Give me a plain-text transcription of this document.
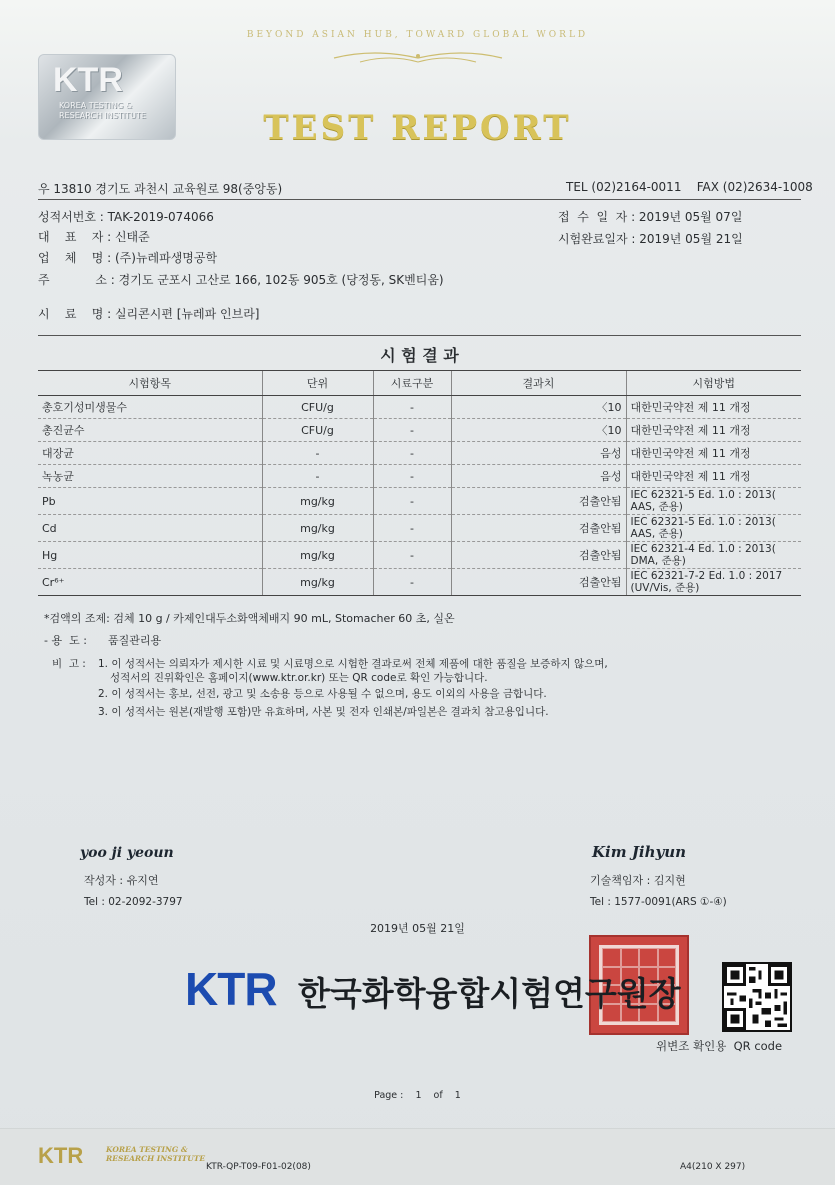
BEYOND ASIAN HUB, TOWARD GLOBAL WORLD
TEST REPORT
KTR
KOREA TESTING & RESEARCH INSTITUTE
우 13810 경기도 과천시 교육원로 98(중앙동)	TEL (02)2164-0011    FAX (02)2634-1008
성적서번호 : TAK-2019-074066
대    표    자 : 신태준
업    체    명 : (주)뉴레파생명공학
주            소 : 경기도 군포시 고산로 166, 102동 905호 (당정동, SK벤티움)
접  수  일  자 : 2019년 05월 07일
시험완료일자 : 2019년 05월 21일
시    료    명 : 실리콘시편 [뉴레파 인브라]
시 험 결 과
시험항목	단위	시료구분	결과치	시험방법
총호기성미생물수	CFU/g	-	〈10	대한민국약전 제 11 개정
총진균수	CFU/g	-	〈10	대한민국약전 제 11 개정
대장균	-	-	음성	대한민국약전 제 11 개정
녹농균	-	-	음성	대한민국약전 제 11 개정
Pb	mg/kg	-	검출안됨	IEC 62321-5 Ed. 1.0 : 2013(
AAS, 준용)

Cd	mg/kg	-	검출안됨	IEC 62321-5 Ed. 1.0 : 2013(
AAS, 준용)

Hg	mg/kg	-	검출안됨	IEC 62321-4 Ed. 1.0 : 2013(
DMA, 준용)

Cr⁶⁺	mg/kg	-	검출안됨	IEC 62321-7-2 Ed. 1.0 : 2017
(UV/Vis, 준용)
*검액의 조제: 검체 10 g / 카제인대두소화액체배지 90 mL, Stomacher 60 초, 실온
- 용  도 : 품질관리용
비  고 : 1. 이 성적서는 의뢰자가 제시한 시료 및 시료명으로 시험한 결과로써 전체 제품에 대한 품질을 보증하지 않으며,
성적서의 진위확인은 홈페이지(www.ktr.or.kr) 또는 QR code로 확인 가능합니다.
2. 이 성적서는 홍보, 선전, 광고 및 소송용 등으로 사용될 수 없으며, 용도 이외의 사용을 금합니다.
3. 이 성적서는 원본(재발행 포함)만 유효하며, 사본 및 전자 인쇄본/파일본은 결과치 참고용입니다.
yoo ji yeoun
작성자 : 유지연
Tel : 02-2092-3797
Kim Jihyun
기술책임자 : 김지현
Tel : 1577-0091(ARS ①-④)
2019년 05월 21일
KTR 한국화학융합시험연구원장
위변조 확인용  QR code
Page :    1    of    1
KTR	KOREA TESTING &
RESEARCH INSTITUTE
KTR-QP-T09-F01-02(08)	A4(210 X 297)
